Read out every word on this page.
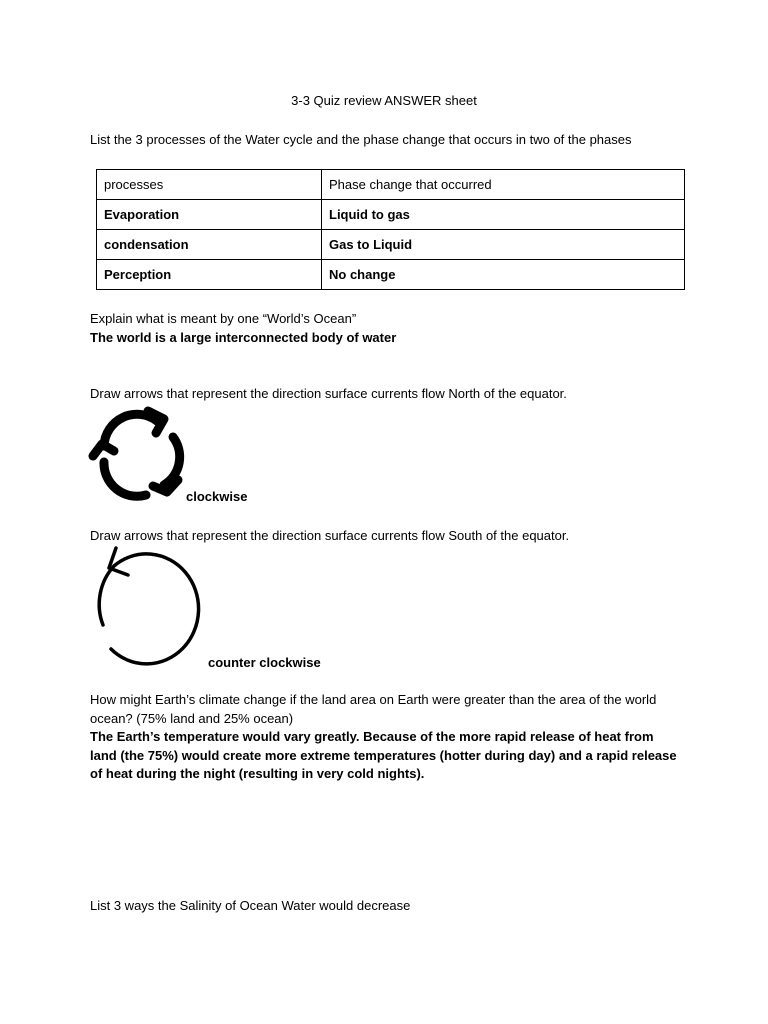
3-3 Quiz review ANSWER sheet
List the 3 processes of the Water cycle and the phase change that occurs in two of the phases
processes	Phase change that occurred
Evaporation	Liquid to gas
condensation	Gas to Liquid
Perception	No change
Explain what is meant by one “World’s Ocean”
The world is a large interconnected body of water
Draw arrows that represent the direction surface currents flow North of the equator.
clockwise
Draw arrows that represent the direction surface currents flow South of the equator.
counter clockwise
How might Earth’s climate change if the land area on Earth were greater than the area of the world ocean? (75% land and 25% ocean)
The Earth’s temperature would vary greatly. Because of the more rapid release of heat from land (the 75%) would create more extreme temperatures (hotter during day) and a rapid release of heat during the night (resulting in very cold nights).
List 3 ways the Salinity of Ocean Water would decrease
